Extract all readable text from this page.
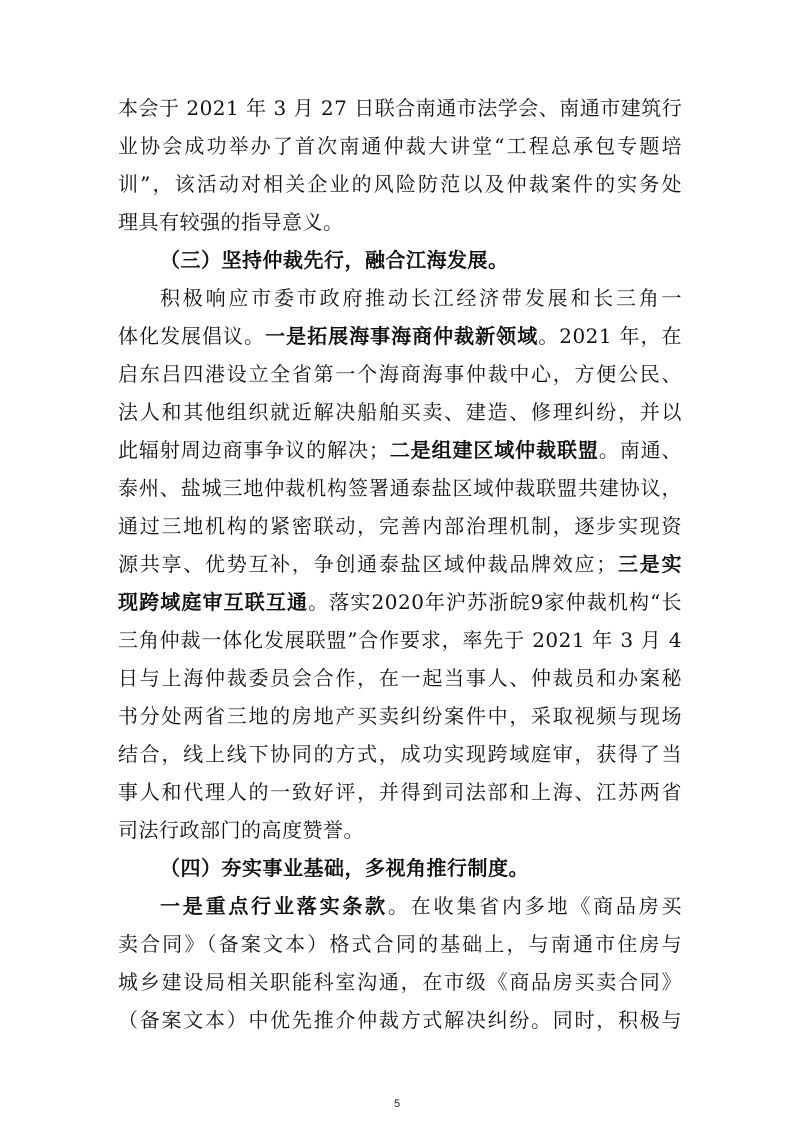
本会于 2021 年 3 月 27 日联合南通市法学会、南通市建筑行
业协会成功举办了首次南通仲裁大讲堂“工程总承包专题培
训”，该活动对相关企业的风险防范以及仲裁案件的实务处
理具有较强的指导意义。
（三）坚持仲裁先行，融合江海发展。
积极响应市委市政府推动长江经济带发展和长三角一
体化发展倡议。一是拓展海事海商仲裁新领域。2021 年，在
启东吕四港设立全省第一个海商海事仲裁中心，方便公民、
法人和其他组织就近解决船舶买卖、建造、修理纠纷，并以
此辐射周边商事争议的解决；二是组建区域仲裁联盟。南通、
泰州、盐城三地仲裁机构签署通泰盐区域仲裁联盟共建协议，
通过三地机构的紧密联动，完善内部治理机制，逐步实现资
源共享、优势互补，争创通泰盐区域仲裁品牌效应；三是实
现跨域庭审互联互通。落实2020年沪苏浙皖9家仲裁机构“长
三角仲裁一体化发展联盟”合作要求，率先于 2021 年 3 月 4
日与上海仲裁委员会合作，在一起当事人、仲裁员和办案秘
书分处两省三地的房地产买卖纠纷案件中，采取视频与现场
结合，线上线下协同的方式，成功实现跨域庭审，获得了当
事人和代理人的一致好评，并得到司法部和上海、江苏两省
司法行政部门的高度赞誉。
（四）夯实事业基础，多视角推行制度。
一是重点行业落实条款。在收集省内多地《商品房买
卖合同》（备案文本）格式合同的基础上，与南通市住房与
城乡建设局相关职能科室沟通，在市级《商品房买卖合同》
（备案文本）中优先推介仲裁方式解决纠纷。同时，积极与
5
